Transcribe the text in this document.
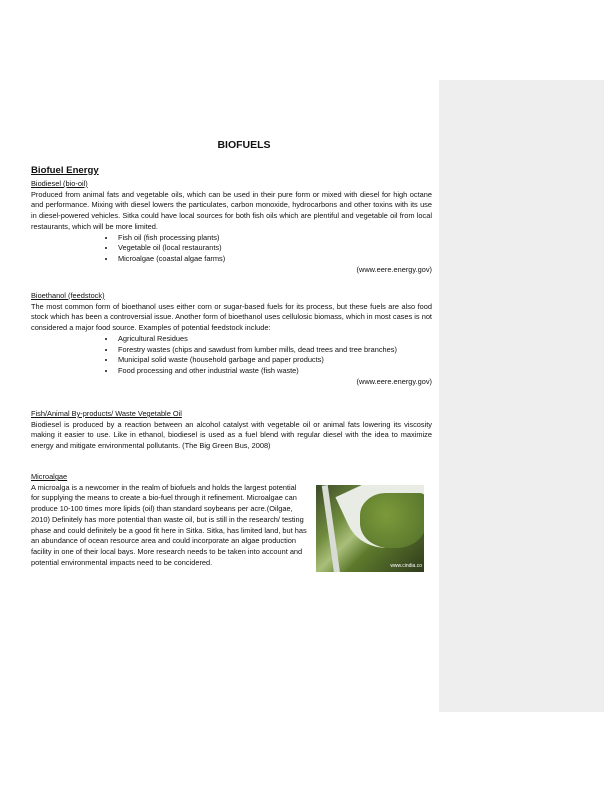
BIOFUELS
Biofuel Energy
Biodiesel (bio-oil)
Produced from animal fats and vegetable oils, which can be used in their pure form or mixed with diesel for high octane and performance. Mixing with diesel lowers the particulates, carbon monoxide, hydrocarbons and other toxins with its use in diesel-powered vehicles. Sitka could have local sources for both fish oils which are plentiful and vegetable oil from local restaurants, which will be more limited.
• Fish oil (fish processing plants)
• Vegetable oil (local restaurants)
• Microalgae (coastal algae farms)
(www.eere.energy.gov)
Bioethanol (feedstock)
The most common form of bioethanol uses either corn or sugar-based fuels for its process, but these fuels are also food stock which has been a controversial issue. Another form of bioethanol uses cellulosic biomass, which in most cases is not considered a major food source. Examples of potential feedstock include:
• Agricultural Residues
• Forestry wastes (chips and sawdust from lumber mills, dead trees and tree branches)
• Municipal solid waste (household garbage and paper products)
• Food processing and other industrial waste (fish waste)
(www.eere.energy.gov)
Fish/Animal By-products/ Waste Vegetable Oil
Biodiesel is produced by a reaction between an alcohol catalyst with vegetable oil or animal fats lowering its viscosity making it easier to use. Like in ethanol, biodiesel is used as a fuel blend with regular diesel with the idea to maximize energy and mitigate environmental pollutants. (The Big Green Bus, 2008)
Microalgae
A microalga is a newcomer in the realm of biofuels and holds the largest potential for supplying the means to create a bio-fuel through it refinement. Microalgae can produce 10-100 times more lipids (oil) than standard soybeans per acre.(Oilgae, 2010) Definitely has more potential than waste oil, but is still in the research/ testing phase and could definitely be a good fit here in Sitka. Sitka, has limited land, but has an abundance of ocean resource area and could incorporate an algae production facility in one of their local bays. More research needs to be taken into account and potential environmental impacts need to be concidered.	www.cindia.co
